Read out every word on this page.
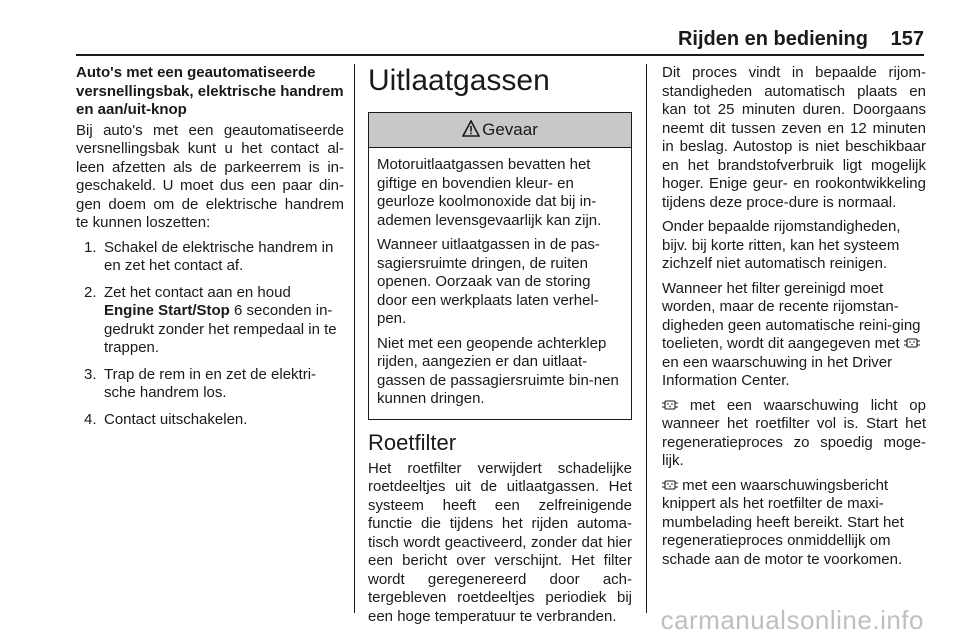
Rijden en bediening 157

Auto's met een geautomatiseerde versnellingsbak, elektrische handrem en aan/uit-knop

Bij auto's met een geautomatiseerde versnellingsbak kunt u het contact al-leen afzetten als de parkeerrem is in-geschakeld. U moet dus een paar din-gen doem om de elektrische handrem te kunnen loszetten:

1. Schakel de elektrische handrem in en zet het contact af.
2. Zet het contact aan en houd Engine Start/Stop 6 seconden in-gedrukt zonder het rempedaal in te trappen.
3. Trap de rem in en zet de elektri-sche handrem los.
4. Contact uitschakelen.
Uitlaatgassen
Gevaar

Motoruitlaatgassen bevatten het giftige en bovendien kleur- en geurloze koolmonoxide dat bij in-ademen levensgevaarlijk kan zijn.

Wanneer uitlaatgassen in de pas-sagiersruimte dringen, de ruiten openen. Oorzaak van de storing door een werkplaats laten verhel-pen.

Niet met een geopende achterklep rijden, aangezien er dan uitlaat-gassen de passagiersruimte bin-nen kunnen dringen.

Roetfilter

Het roetfilter verwijdert schadelijke roetdeeltjes uit de uitlaatgassen. Het systeem heeft een zelfreinigende functie die tijdens het rijden automa-tisch wordt geactiveerd, zonder dat hier een bericht over verschijnt. Het filter wordt geregenereerd door ach-tergebleven roetdeeltjes periodiek bij een hoge temperatuur te verbranden.

Dit proces vindt in bepaalde rijom-standigheden automatisch plaats en kan tot 25 minuten duren. Doorgaans neemt dit tussen zeven en 12 minuten in beslag. Autostop is niet beschikbaar en het brandstofverbruik ligt mogelijk hoger. Enige geur- en rookontwikkeling tijdens deze proce-dure is normaal.

Onder bepaalde rijomstandigheden, bijv. bij korte ritten, kan het systeem zichzelf niet automatisch reinigen.

Wanneer het filter gereinigd moet worden, maar de recente rijomstan-digheden geen automatische reini-ging toelieten, wordt dit aangegeven met  en een waarschuwing in het Driver Information Center.

met een waarschuwing licht op wanneer het roetfilter vol is. Start het regeneratieproces zo spoedig moge-lijk.

met een waarschuwingsbericht knippert als het roetfilter de maxi-mumbelading heeft bereikt. Start het regeneratieproces onmiddellijk om schade aan de motor te voorkomen.

carmanualsonline.info
